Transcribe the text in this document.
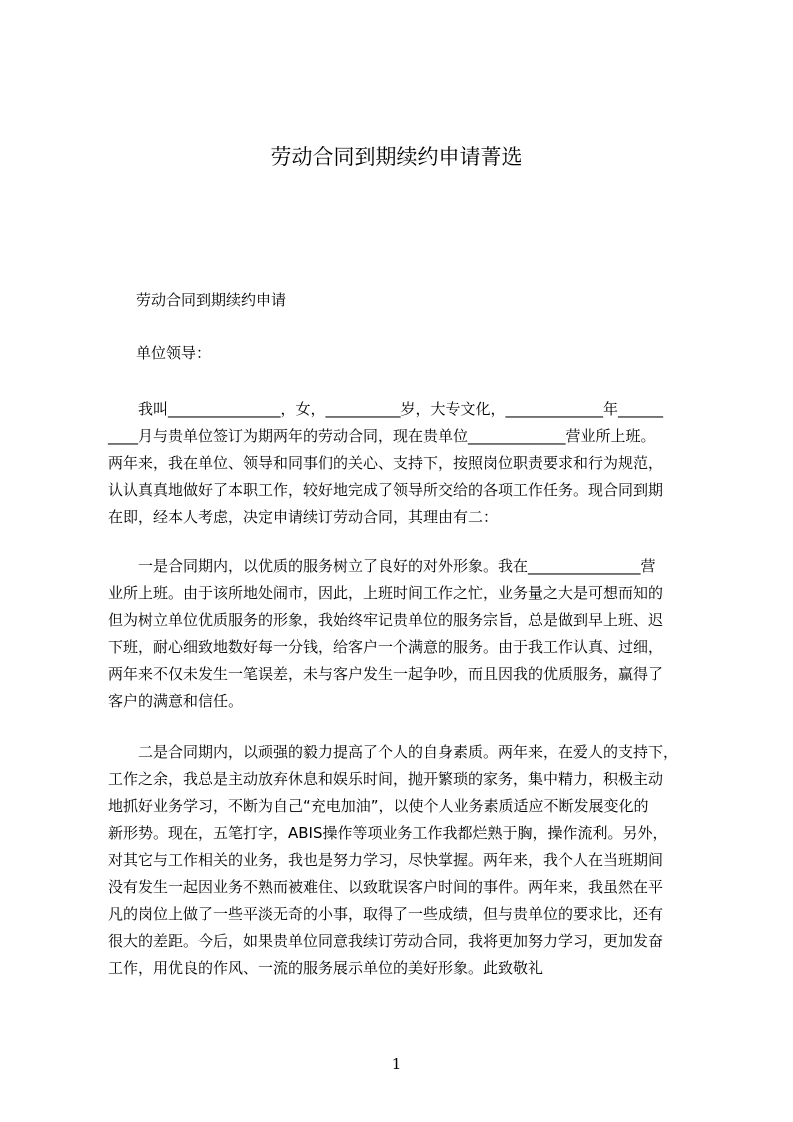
劳动合同到期续约申请菁选
劳动合同到期续约申请
单位领导：
我叫_______________，女，__________岁，大专文化，_____________年______
____月与贵单位签订为期两年的劳动合同，现在贵单位_____________营业所上班。
两年来，我在单位、领导和同事们的关心、支持下，按照岗位职责要求和行为规范，
认认真真地做好了本职工作，较好地完成了领导所交给的各项工作任务。现合同到期
在即，经本人考虑，决定申请续订劳动合同，其理由有二：
一是合同期内，以优质的服务树立了良好的对外形象。我在_______________营
业所上班。由于该所地处闹市，因此，上班时间工作之忙，业务量之大是可想而知的
但为树立单位优质服务的形象，我始终牢记贵单位的服务宗旨，总是做到早上班、迟
下班，耐心细致地数好每一分钱，给客户一个满意的服务。由于我工作认真、过细，
两年来不仅未发生一笔误差，未与客户发生一起争吵，而且因我的优质服务，赢得了
客户的满意和信任。
二是合同期内，以顽强的毅力提高了个人的自身素质。两年来，在爱人的支持下，
工作之余，我总是主动放弃休息和娱乐时间，抛开繁琐的家务，集中精力，积极主动
地抓好业务学习，不断为自己“充电加油”，以使个人业务素质适应不断发展变化的
新形势。现在，五笔打字，ABIS操作等项业务工作我都烂熟于胸，操作流利。另外，
对其它与工作相关的业务，我也是努力学习，尽快掌握。两年来，我个人在当班期间
没有发生一起因业务不熟而被难住、以致耽误客户时间的事件。两年来，我虽然在平
凡的岗位上做了一些平淡无奇的小事，取得了一些成绩，但与贵单位的要求比，还有
很大的差距。今后，如果贵单位同意我续订劳动合同，我将更加努力学习，更加发奋
工作，用优良的作风、一流的服务展示单位的美好形象。此致敬礼
1
